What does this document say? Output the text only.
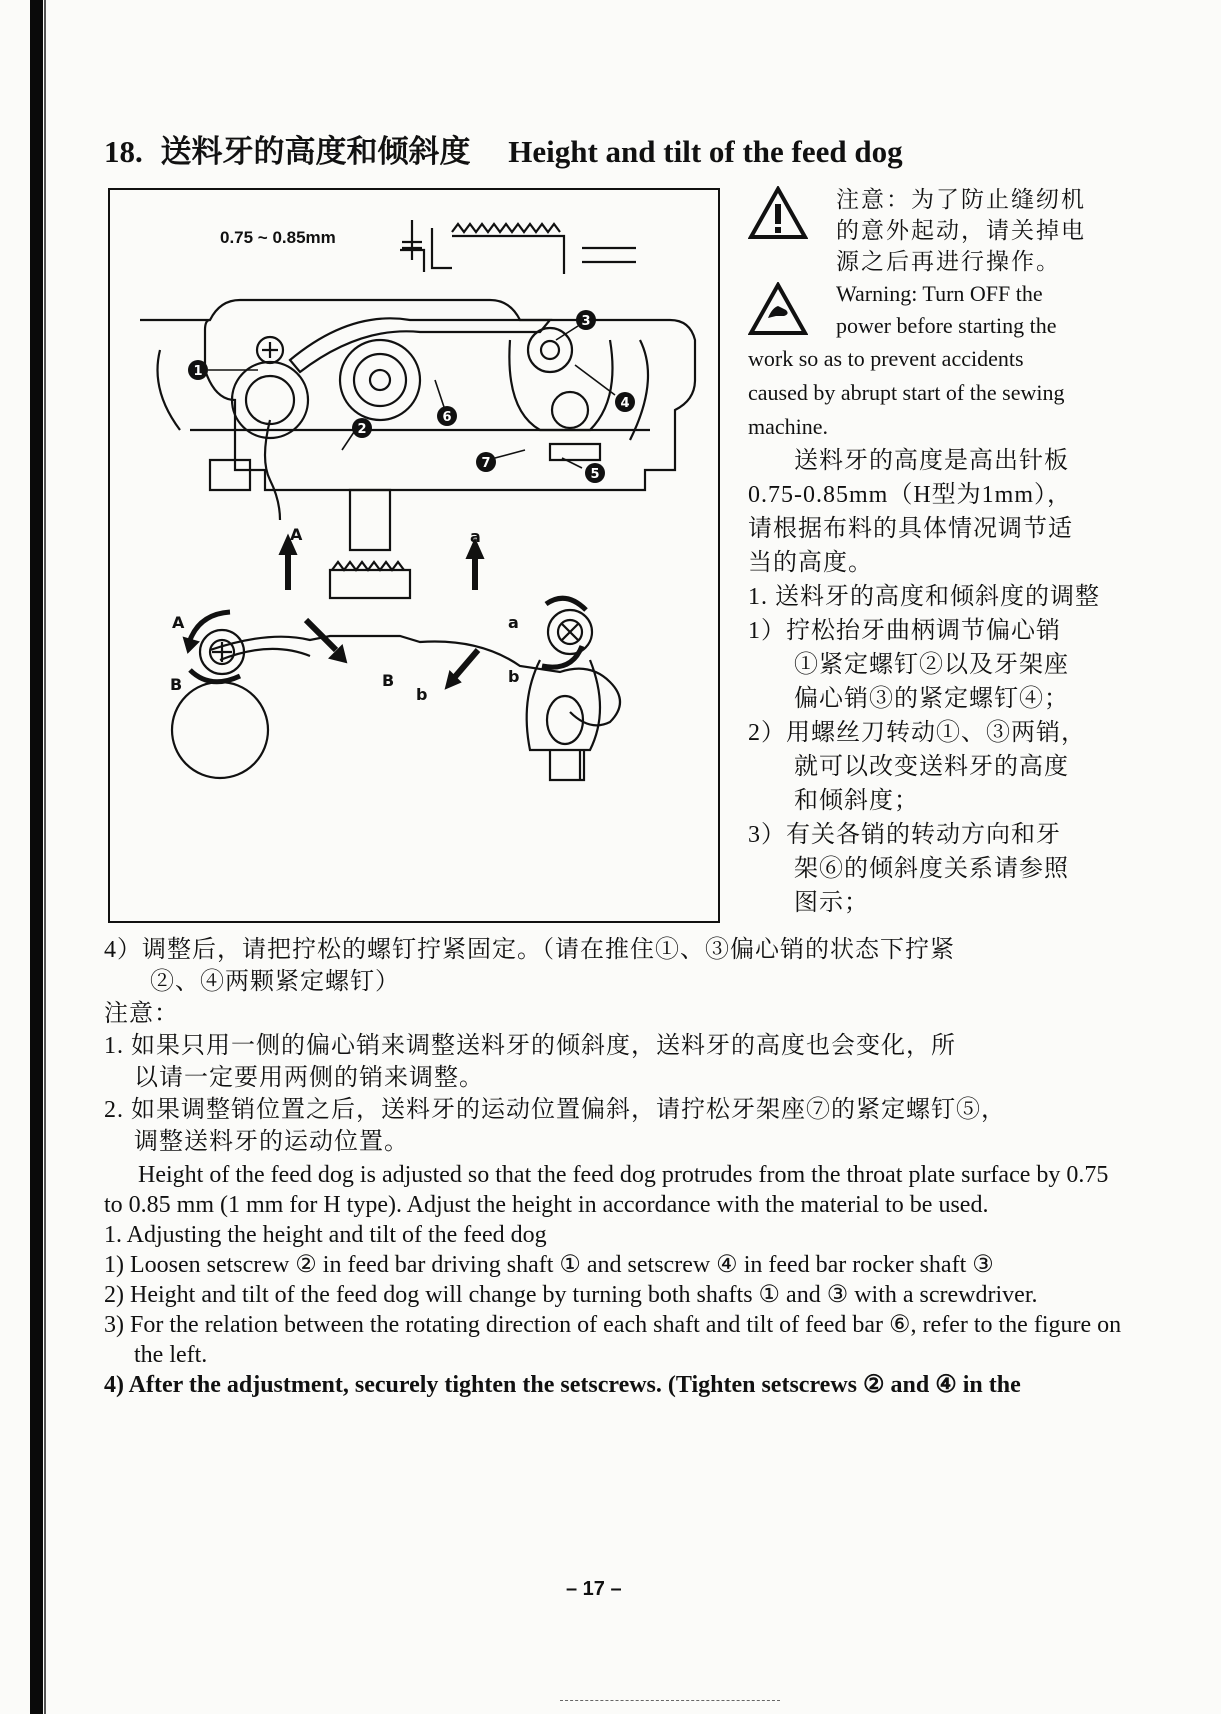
18. 送料牙的高度和倾斜度 Height and tilt of the feed dog
0.75 ~ 0.85mm
1
2
3
4
5
6
7
A	a
A
B	B
b
a
b
注意：为了防止缝纫机
的意外起动，请关掉电
源之后再进行操作。
Warning: Turn OFF the
power before starting the
work so as to prevent accidents
caused by abrupt start of the sewing
machine.
送料牙的高度是高出针板
0.75-0.85mm（H型为1mm），
请根据布料的具体情况调节适
当的高度。
1. 送料牙的高度和倾斜度的调整
1）拧松抬牙曲柄调节偏心销
①紧定螺钉②以及牙架座
偏心销③的紧定螺钉④；
2）用螺丝刀转动①、③两销，
就可以改变送料牙的高度
和倾斜度；
3）有关各销的转动方向和牙
架⑥的倾斜度关系请参照
图示；
4）调整后，请把拧松的螺钉拧紧固定。（请在推住①、③偏心销的状态下拧紧
②、④两颗紧定螺钉）
注意：
1. 如果只用一侧的偏心销来调整送料牙的倾斜度，送料牙的高度也会变化，所
以请一定要用两侧的销来调整。
2. 如果调整销位置之后，送料牙的运动位置偏斜，请拧松牙架座⑦的紧定螺钉⑤，
调整送料牙的运动位置。
Height of the feed dog is adjusted so that the feed dog protrudes from the throat plate surface by 0.75 to 0.85 mm (1 mm for H type). Adjust the height in accordance with the material to be used.
1. Adjusting the height and tilt of the feed dog
1) Loosen setscrew ② in feed bar driving shaft ① and setscrew ④ in feed bar rocker shaft ③
2) Height and tilt of the feed dog will change by turning both shafts ① and ③ with a screwdriver.
3) For the relation between the rotating direction of each shaft and tilt of feed bar ⑥, refer to the figure on the left.
4) After the adjustment, securely tighten the setscrews. (Tighten setscrews ② and ④ in the
– 17 –
